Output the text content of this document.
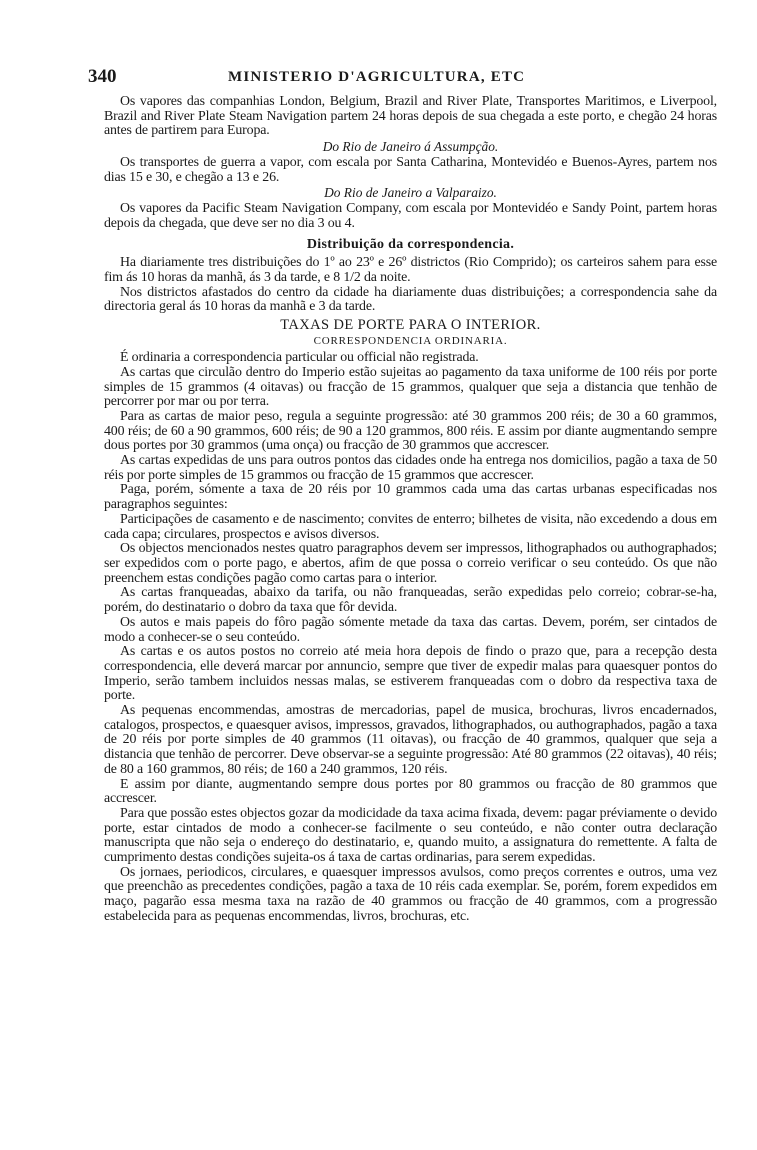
340	MINISTERIO D'AGRICULTURA, ETC

Os vapores das companhias London, Belgium, Brazil and River Plate, Transportes Maritimos, e Liverpool, Brazil and River Plate Steam Navigation partem 24 horas depois de sua chegada a este porto, e chegão 24 horas antes de partirem para Europa.

Do Rio de Janeiro á Assumpção.

Os transportes de guerra a vapor, com escala por Santa Catharina, Montevidéo e Buenos-Ayres, partem nos dias 15 e 30, e chegão a 13 e 26.

Do Rio de Janeiro a Valparaizo.

Os vapores da Pacific Steam Navigation Company, com escala por Montevidéo e Sandy Point, partem horas depois da chegada, que deve ser no dia 3 ou 4.

Distribuição da correspondencia.

Ha diariamente tres distribuições do 1º ao 23º e 26º districtos (Rio Comprido); os carteiros sahem para esse fim ás 10 horas da manhã, ás 3 da tarde, e 8 1/2 da noite.

Nos districtos afastados do centro da cidade ha diariamente duas distribuições; a correspondencia sahe da directoria geral ás 10 horas da manhã e 3 da tarde.

TAXAS DE PORTE PARA O INTERIOR.
CORRESPONDENCIA ORDINARIA.

É ordinaria a correspondencia particular ou official não registrada.

As cartas que circulão dentro do Imperio estão sujeitas ao pagamento da taxa uniforme de 100 réis por porte simples de 15 grammos (4 oitavas) ou fracção de 15 grammos, qualquer que seja a distancia que tenhão de percorrer por mar ou por terra.

Para as cartas de maior peso, regula a seguinte progressão: até 30 grammos 200 réis; de 30 a 60 grammos, 400 réis; de 60 a 90 grammos, 600 réis; de 90 a 120 grammos, 800 réis. E assim por diante augmentando sempre dous portes por 30 grammos (uma onça) ou fracção de 30 grammos que accrescer.

As cartas expedidas de uns para outros pontos das cidades onde ha entrega nos domicilios, pagão a taxa de 50 réis por porte simples de 15 grammos ou fracção de 15 grammos que accrescer.

Paga, porém, sómente a taxa de 20 réis por 10 grammos cada uma das cartas urbanas especificadas nos paragraphos seguintes:

Participações de casamento e de nascimento; convites de enterro; bilhetes de visita, não excedendo a dous em cada capa; circulares, prospectos e avisos diversos.

Os objectos mencionados nestes quatro paragraphos devem ser impressos, lithographados ou authographados; ser expedidos com o porte pago, e abertos, afim de que possa o correio verificar o seu conteúdo. Os que não preenchem estas condições pagão como cartas para o interior.

As cartas franqueadas, abaixo da tarifa, ou não franqueadas, serão expedidas pelo correio; cobrar-se-ha, porém, do destinatario o dobro da taxa que fôr devida.

Os autos e mais papeis do fôro pagão sómente metade da taxa das cartas. Devem, porém, ser cintados de modo a conhecer-se o seu conteúdo.

As cartas e os autos postos no correio até meia hora depois de findo o prazo que, para a recepção desta correspondencia, elle deverá marcar por annuncio, sempre que tiver de expedir malas para quaesquer pontos do Imperio, serão tambem incluidos nessas malas, se estiverem franqueadas com o dobro da respectiva taxa de porte.

As pequenas encommendas, amostras de mercadorias, papel de musica, brochuras, livros encadernados, catalogos, prospectos, e quaesquer avisos, impressos, gravados, lithographados, ou authographados, pagão a taxa de 20 réis por porte simples de 40 grammos (11 oitavas), ou fracção de 40 grammos, qualquer que seja a distancia que tenhão de percorrer. Deve observar-se a seguinte progressão: Até 80 grammos (22 oitavas), 40 réis; de 80 a 160 grammos, 80 réis; de 160 a 240 grammos, 120 réis.

E assim por diante, augmentando sempre dous portes por 80 grammos ou fracção de 80 grammos que accrescer.

Para que possão estes objectos gozar da modicidade da taxa acima fixada, devem: pagar préviamente o devido porte, estar cintados de modo a conhecer-se facilmente o seu conteúdo, e não conter outra declaração manuscripta que não seja o endereço do destinatario, e, quando muito, a assignatura do remettente. A falta de cumprimento destas condições sujeita-os á taxa de cartas ordinarias, para serem expedidas.

Os jornaes, periodicos, circulares, e quaesquer impressos avulsos, como preços correntes e outros, uma vez que preenchão as precedentes condições, pagão a taxa de 10 réis cada exemplar. Se, porém, forem expedidos em maço, pagarão essa mesma taxa na razão de 40 grammos ou fracção de 40 grammos, com a progressão estabelecida para as pequenas encommendas, livros, brochuras, etc.
